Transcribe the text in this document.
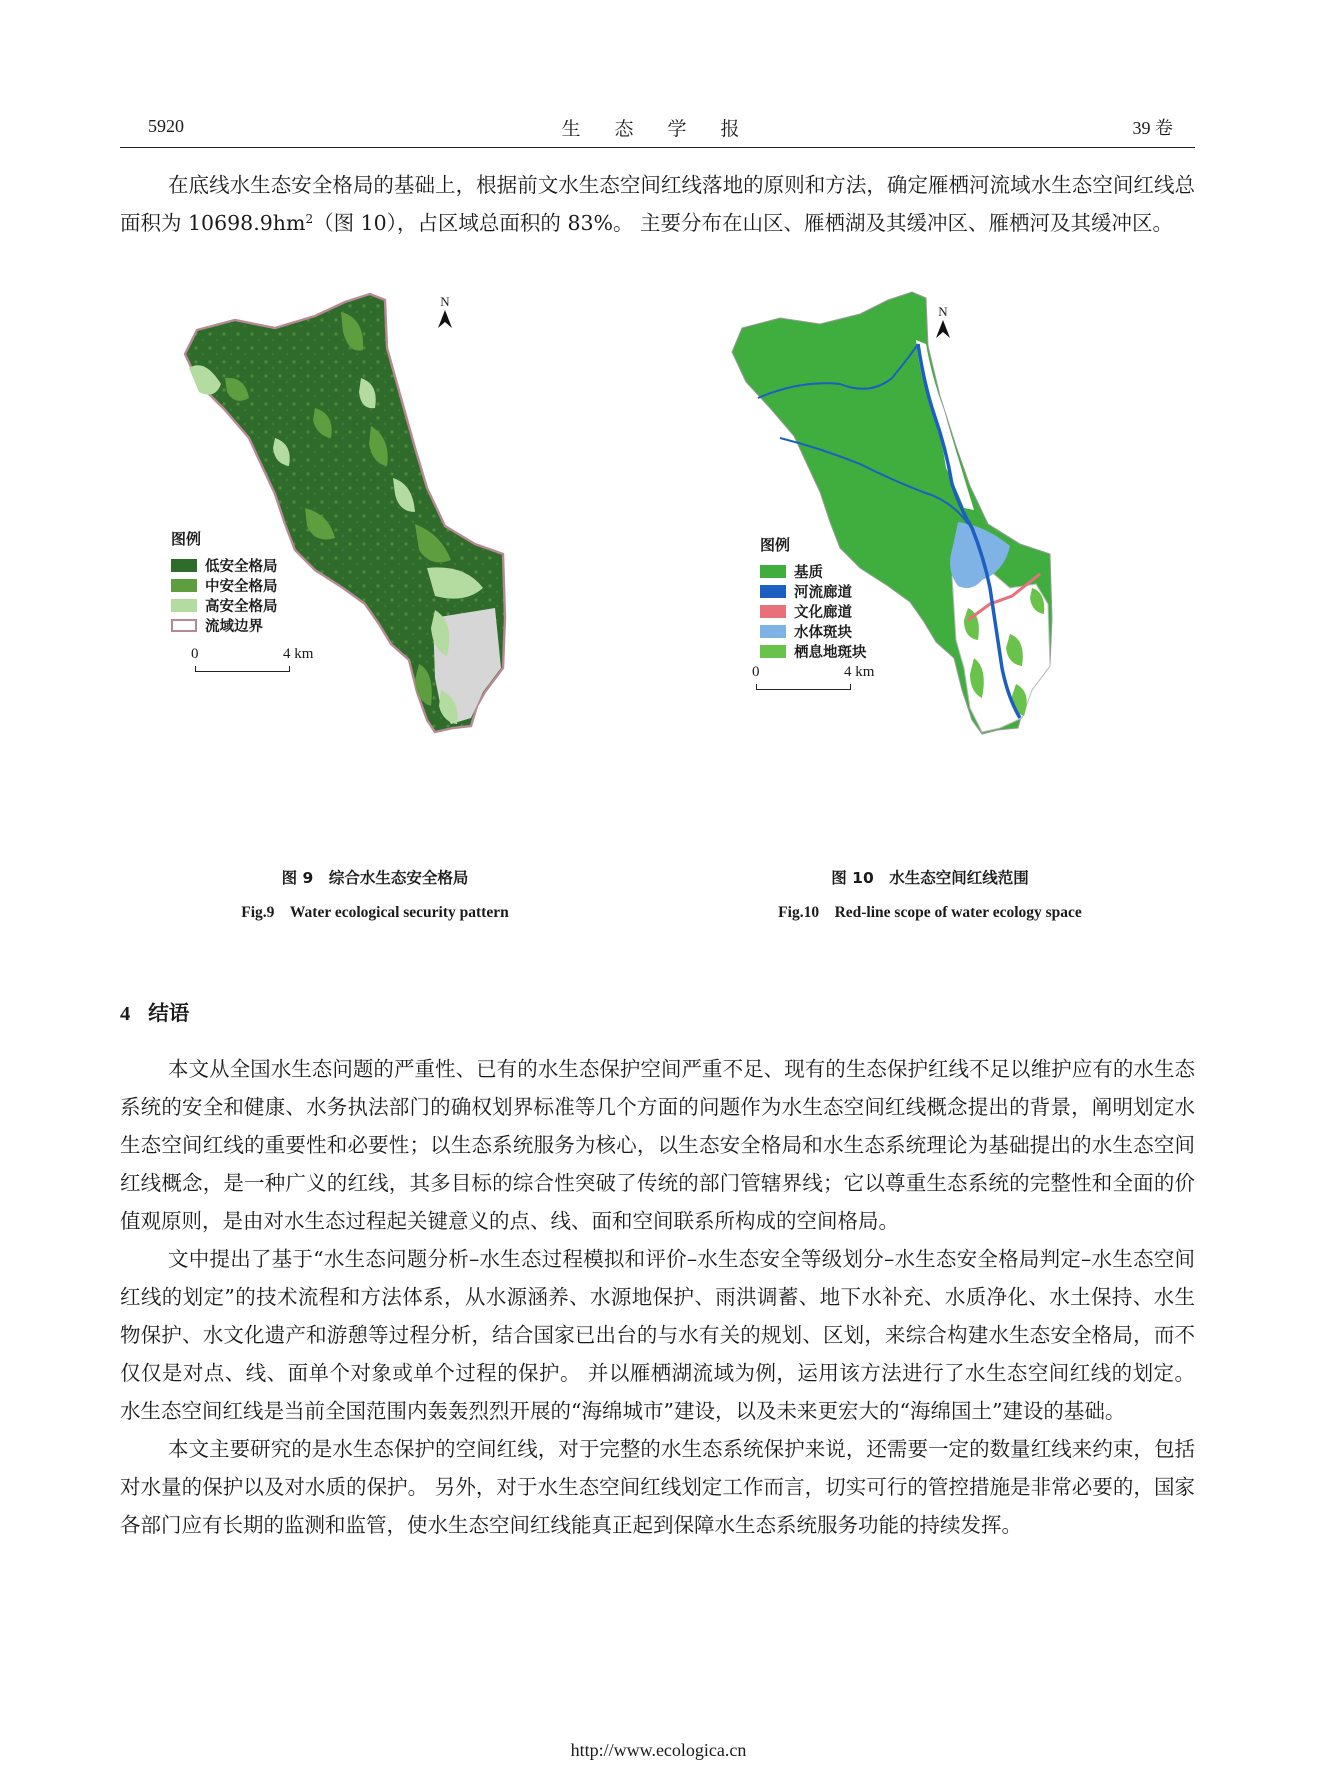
5920	生 态 学 报	39 卷

在底线水生态安全格局的基础上，根据前文水生态空间红线落地的原则和方法，确定雁栖河流域水生态空间红线总面积为 $10698.9hm^2$（图 10），占区域总面积的 83%。 主要分布在山区、雁栖湖及其缓冲区、雁栖河及其缓冲区。

N
图例
低安全格局
中安全格局
高安全格局
流域边界
0	4 km
图 9　综合水生态安全格局
Fig.9　Water ecological security pattern
N
图例
基质
河流廊道
文化廊道
水体斑块
栖息地斑块
0	4 km
图 10　水生态空间红线范围
Fig.10　Red-line scope of water ecology space
4 结语

本文从全国水生态问题的严重性、已有的水生态保护空间严重不足、现有的生态保护红线不足以维护应有的水生态系统的安全和健康、水务执法部门的确权划界标准等几个方面的问题作为水生态空间红线概念提出的背景，阐明划定水生态空间红线的重要性和必要性；以生态系统服务为核心，以生态安全格局和水生态系统理论为基础提出的水生态空间红线概念，是一种广义的红线，其多目标的综合性突破了传统的部门管辖界线；它以尊重生态系统的完整性和全面的价值观原则，是由对水生态过程起关键意义的点、线、面和空间联系所构成的空间格局。

文中提出了基于“水生态问题分析–水生态过程模拟和评价–水生态安全等级划分–水生态安全格局判定–水生态空间红线的划定”的技术流程和方法体系，从水源涵养、水源地保护、雨洪调蓄、地下水补充、水质净化、水土保持、水生物保护、水文化遗产和游憩等过程分析，结合国家已出台的与水有关的规划、区划，来综合构建水生态安全格局，而不仅仅是对点、线、面单个对象或单个过程的保护。 并以雁栖湖流域为例，运用该方法进行了水生态空间红线的划定。 水生态空间红线是当前全国范围内轰轰烈烈开展的“海绵城市”建设，以及未来更宏大的“海绵国土”建设的基础。

本文主要研究的是水生态保护的空间红线，对于完整的水生态系统保护来说，还需要一定的数量红线来约束，包括对水量的保护以及对水质的保护。 另外，对于水生态空间红线划定工作而言，切实可行的管控措施是非常必要的，国家各部门应有长期的监测和监管，使水生态空间红线能真正起到保障水生态系统服务功能的持续发挥。

http://www.ecologica.cn
